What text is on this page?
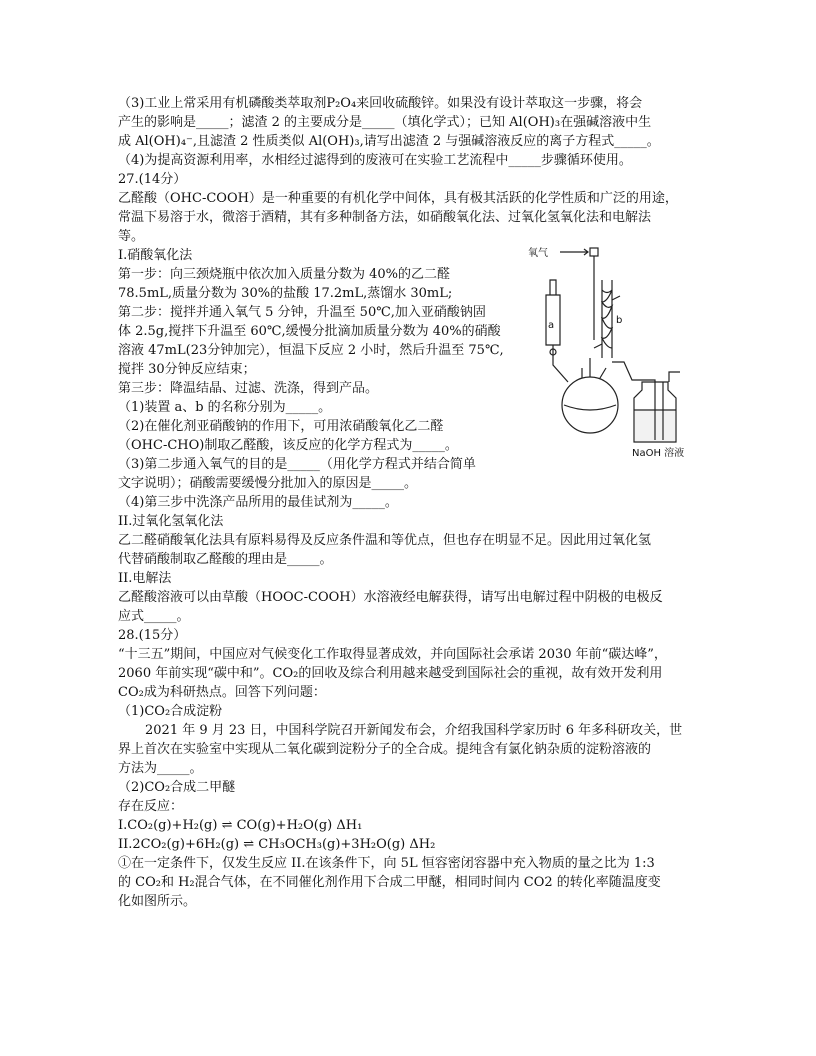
（3)工业上常采用有机磷酸类萃取剂P₂O₄来回收硫酸锌。如果没有设计萃取这一步骤，将会
产生的影响是_____；滤渣 2 的主要成分是_____（填化学式）；已知 Al(OH)₃在强碱溶液中生
成 Al(OH)₄⁻,且滤渣 2 性质类似 Al(OH)₃,请写出滤渣 2 与强碱溶液反应的离子方程式_____。
（4)为提高资源利用率，水相经过滤得到的废液可在实验工艺流程中_____步骤循环使用。
27.(14分）
乙醛酸（OHC-COOH）是一种重要的有机化学中间体，具有极其活跃的化学性质和广泛的用途，
常温下易溶于水，微溶于酒精，其有多种制备方法，如硝酸氧化法、过氧化氢氧化法和电解法
等。
I.硝酸氧化法
第一步：向三颈烧瓶中依次加入质量分数为 40%的乙二醛
78.5mL,质量分数为 30%的盐酸 17.2mL,蒸馏水 30mL;
第二步：搅拌并通入氧气 5 分钟，升温至 50℃,加入亚硝酸钠固
体 2.5g,搅拌下升温至 60℃,缓慢分批滴加质量分数为 40%的硝酸
溶液 47mL(23分钟加完），恒温下反应 2 小时，然后升温至 75℃,
搅拌 30分钟反应结束；
第三步：降温结晶、过滤、洗涤，得到产品。
（1)装置 a、b 的名称分别为_____。
（2)在催化剂亚硝酸钠的作用下，可用浓硝酸氧化乙二醛
（OHC-CHO)制取乙醛酸，该反应的化学方程式为_____。
（3)第二步通入氧气的目的是_____（用化学方程式并结合简单
文字说明）；硝酸需要缓慢分批加入的原因是_____。
（4)第三步中洗涤产品所用的最佳试剂为_____。
II.过氧化氢氧化法
乙二醛硝酸氧化法具有原料易得及反应条件温和等优点，但也存在明显不足。因此用过氧化氢
代替硝酸制取乙醛酸的理由是_____。
II.电解法
乙醛酸溶液可以由草酸（HOOC-COOH）水溶液经电解获得，请写出电解过程中阴极的电极反
应式_____。
28.(15分）
“十三五”期间，中国应对气候变化工作取得显著成效，并向国际社会承诺 2030 年前“碳达峰”，
2060 年前实现“碳中和”。CO₂的回收及综合利用越来越受到国际社会的重视，故有效开发利用
CO₂成为科研热点。回答下列问题：
（1)CO₂合成淀粉
2021 年 9 月 23 日，中国科学院召开新闻发布会，介绍我国科学家历时 6 年多科研攻关，世
界上首次在实验室中实现从二氧化碳到淀粉分子的全合成。提纯含有氯化钠杂质的淀粉溶液的
方法为_____。
（2)CO₂合成二甲醚
存在反应：
I.CO₂(g)+H₂(g) ⇌ CO(g)+H₂O(g) ΔH₁
II.2CO₂(g)+6H₂(g) ⇌ CH₃OCH₃(g)+3H₂O(g) ΔH₂
①在一定条件下，仅发生反应 II.在该条件下，向 5L 恒容密闭容器中充入物质的量之比为 1:3
的 CO₂和 H₂混合气体，在不同催化剂作用下合成二甲醚，相同时间内 CO2 的转化率随温度变
化如图所示。
氧气
a	b
NaOH 溶液
